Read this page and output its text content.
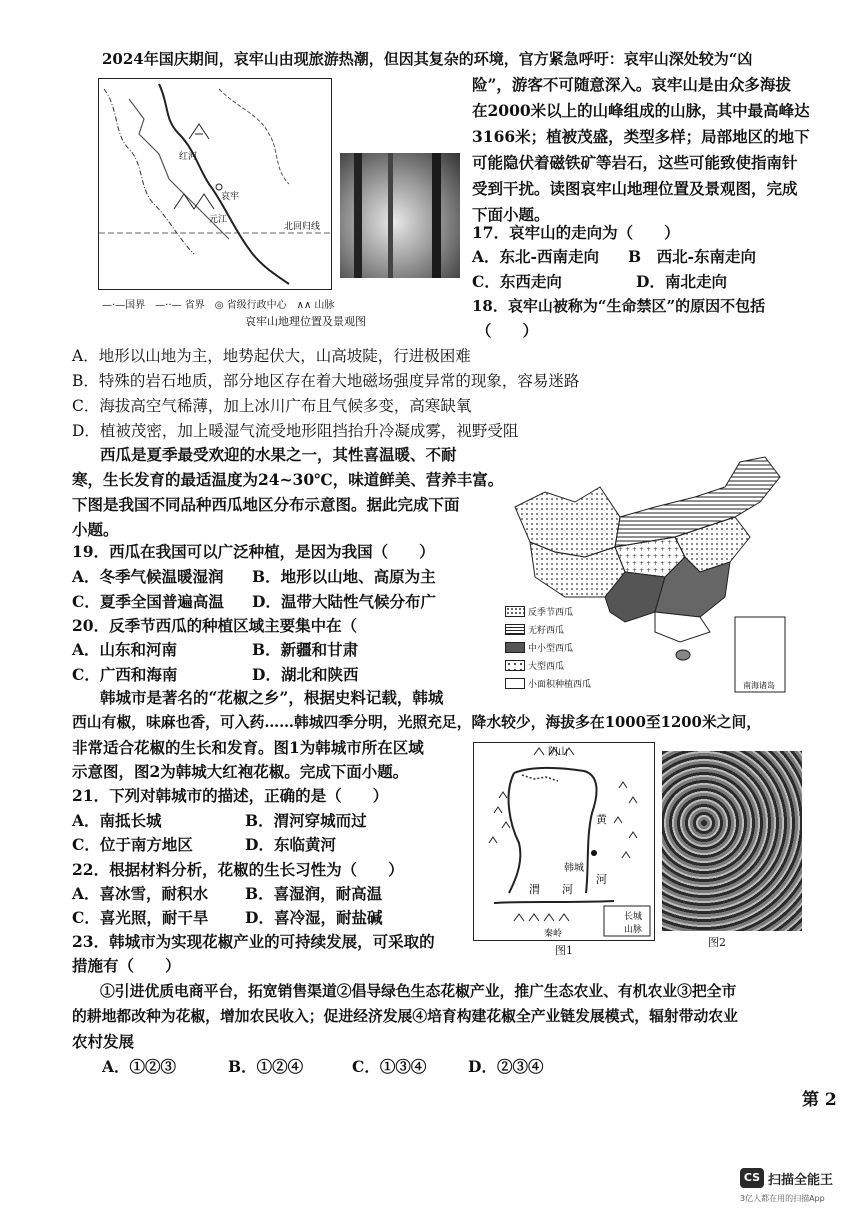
2024年国庆期间，哀牢山由现旅游热潮，但因其复杂的环境，官方紧急呼吁：哀牢山深处较为“凶
险”，游客不可随意深入。哀牢山是由众多海拔
在2000米以上的山峰组成的山脉，其中最高峰达
3166米；植被茂盛，类型多样；局部地区的地下
可能隐伏着磁铁矿等岩石，这些可能致使指南针
受到干扰。读图哀牢山地理位置及景观图，完成
下面小题。
红河
哀牢
北回归线
元江
—·—国界　—··— 省界　◎ 省级行政中心　∧∧ 山脉
哀牢山地理位置及景观图
17．哀牢山的走向为（　　）
A．东北-西南走向 B　西北-东南走向
C．东西走向	D．南北走向
18．哀牢山被称为“生命禁区”的原因不包括
（　　）
A．地形以山地为主，地势起伏大，山高坡陡，行进极困难
B．特殊的岩石地质，部分地区存在着大地磁场强度异常的现象，容易迷路
C．海拔高空气稀薄，加上冰川广布且气候多变，高寒缺氧
D．植被茂密，加上暖湿气流受地形阻挡抬升冷凝成雾，视野受阻
西瓜是夏季最受欢迎的水果之一，其性喜温暖、不耐
寒，生长发育的最适温度为24~30℃，味道鲜美、营养丰富。
下图是我国不同品种西瓜地区分布示意图。据此完成下面
小题。
南海诸岛
反季节西瓜
无籽西瓜
中小型西瓜
大型西瓜
小面积种植西瓜
19．西瓜在我国可以广泛种植，是因为我国（　　）
A．冬季气候温暖湿润 B．地形以山地、高原为主
C．夏季全国普遍高温 D．温带大陆性气候分布广
20．反季节西瓜的种植区域主要集中在（
A．山东和河南	B．新疆和甘肃
C．广西和海南	D．湖北和陕西
韩城市是著名的“花椒之乡”，根据史料记载，韩城
西山有椒，味麻也香，可入药……韩城四季分明，光照充足，降水较少，海拔多在1000至1200米之间，
非常适合花椒的生长和发育。图1为韩城市所在区域
示意图，图2为韩城大红袍花椒。完成下面小题。
阴山
黄
河
韩城
渭 河
秦岭
长城
山脉
图1
图2
21．下列对韩城市的描述，正确的是（　　）
A．南抵长城	B．渭河穿城而过
C．位于南方地区	D．东临黄河
22．根据材料分析，花椒的生长习性为（　　）
A．喜冰雪，耐积水 B．喜湿润，耐高温
C．喜光照，耐干旱 D．喜冷湿，耐盐碱
23．韩城市为实现花椒产业的可持续发展，可采取的
措施有（　　）
①引进优质电商平台，拓宽销售渠道②倡导绿色生态花椒产业，推广生态农业、有机农业③把全市
的耕地都改种为花椒，增加农民收入；促进经济发展④培育构建花椒全产业链发展模式，辐射带动农业
农村发展
A．①②③	B．①②④	C．①③④	D．②③④
第 2
CS 扫描全能王
3亿人都在用的扫描App
